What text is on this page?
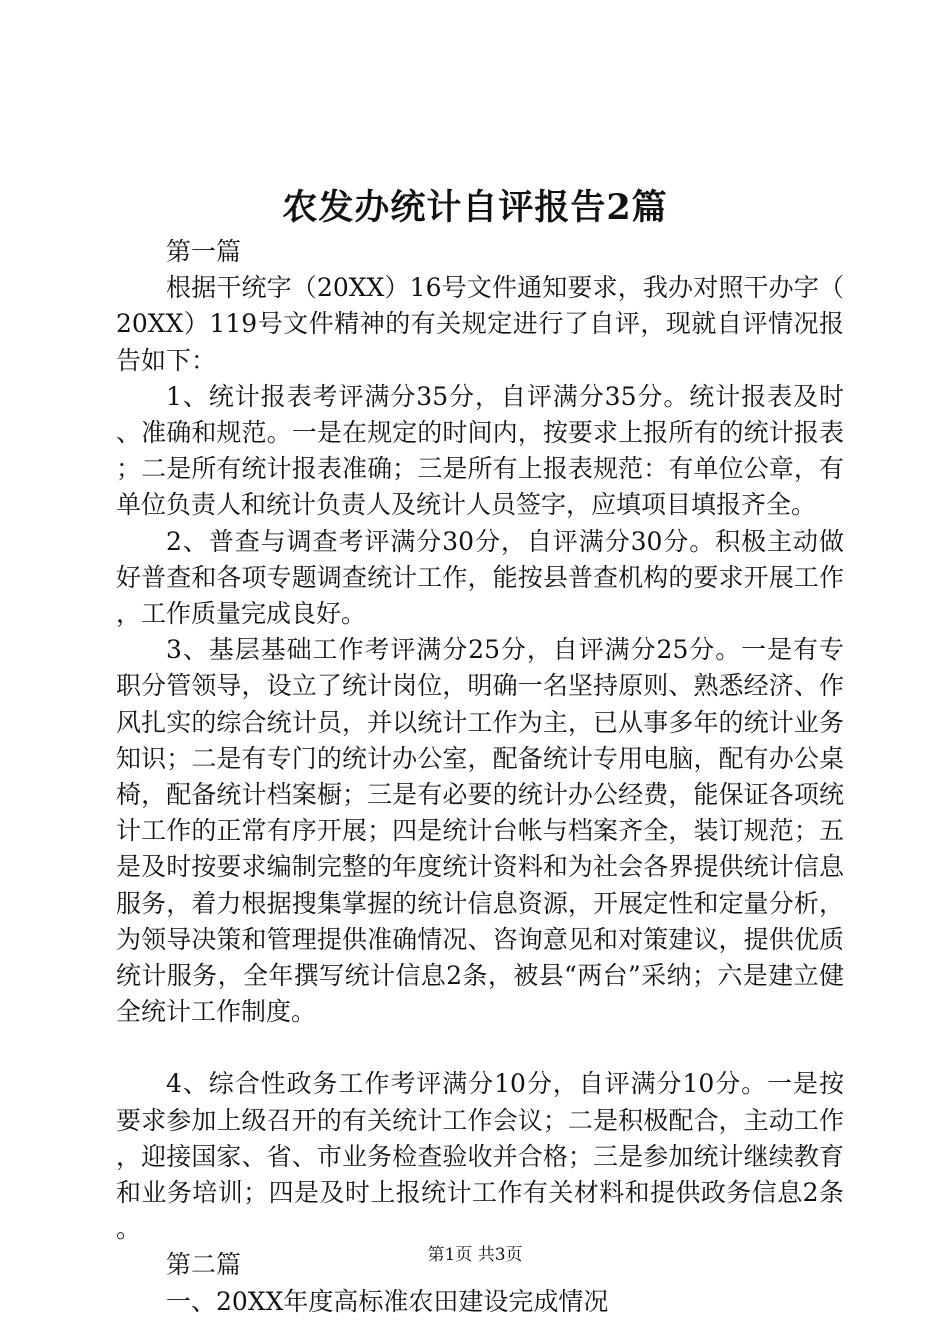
农发办统计自评报告2篇

第一篇

根据干统字（20XX）16号文件通知要求，我办对照干办字（20XX）119号文件精神的有关规定进行了自评，现就自评情况报告如下：

1、统计报表考评满分35分，自评满分35分。统计报表及时、准确和规范。一是在规定的时间内，按要求上报所有的统计报表；二是所有统计报表准确；三是所有上报表规范：有单位公章，有单位负责人和统计负责人及统计人员签字，应填项目填报齐全。

2、普查与调查考评满分30分，自评满分30分。积极主动做好普查和各项专题调查统计工作，能按县普查机构的要求开展工作，工作质量完成良好。

3、基层基础工作考评满分25分，自评满分25分。一是有专职分管领导，设立了统计岗位，明确一名坚持原则、熟悉经济、作风扎实的综合统计员，并以统计工作为主，已从事多年的统计业务知识；二是有专门的统计办公室，配备统计专用电脑，配有办公桌椅，配备统计档案橱；三是有必要的统计办公经费，能保证各项统计工作的正常有序开展；四是统计台帐与档案齐全，装订规范；五是及时按要求编制完整的年度统计资料和为社会各界提供统计信息服务，着力根据搜集掌握的统计信息资源，开展定性和定量分析，为领导决策和管理提供准确情况、咨询意见和对策建议，提供优质统计服务，全年撰写统计信息2条，被县“两台”采纳；六是建立健全统计工作制度。

4、综合性政务工作考评满分10分，自评满分10分。一是按要求参加上级召开的有关统计工作会议；二是积极配合，主动工作，迎接国家、省、市业务检查验收并合格；三是参加统计继续教育和业务培训；四是及时上报统计工作有关材料和提供政务信息2条。

第二篇

一、20XX年度高标准农田建设完成情况

第1页 共3页
